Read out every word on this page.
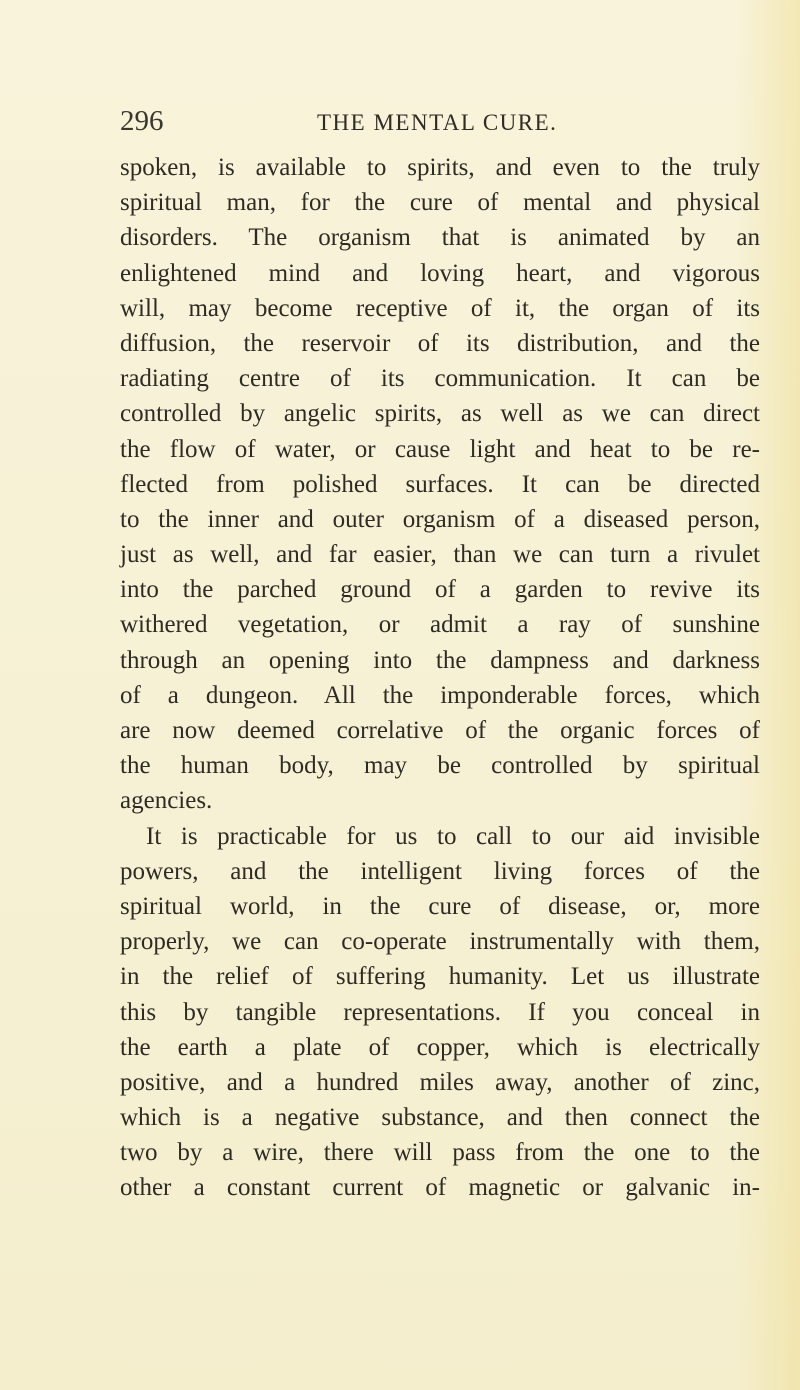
296	THE MENTAL CURE.
spoken, is available to spirits, and even to the truly
spiritual man, for the cure of mental and physical
disorders. The organism that is animated by an
enlightened mind and loving heart, and vigorous
will, may become receptive of it, the organ of its
diffusion, the reservoir of its distribution, and the
radiating centre of its communication. It can be
controlled by angelic spirits, as well as we can direct
the flow of water, or cause light and heat to be re-
flected from polished surfaces. It can be directed
to the inner and outer organism of a diseased person,
just as well, and far easier, than we can turn a rivulet
into the parched ground of a garden to revive its
withered vegetation, or admit a ray of sunshine
through an opening into the dampness and darkness
of a dungeon. All the imponderable forces, which
are now deemed correlative of the organic forces of
the human body, may be controlled by spiritual
agencies.
It is practicable for us to call to our aid invisible
powers, and the intelligent living forces of the
spiritual world, in the cure of disease, or, more
properly, we can co-operate instrumentally with them,
in the relief of suffering humanity. Let us illustrate
this by tangible representations. If you conceal in
the earth a plate of copper, which is electrically
positive, and a hundred miles away, another of zinc,
which is a negative substance, and then connect the
two by a wire, there will pass from the one to the
other a constant current of magnetic or galvanic in-
